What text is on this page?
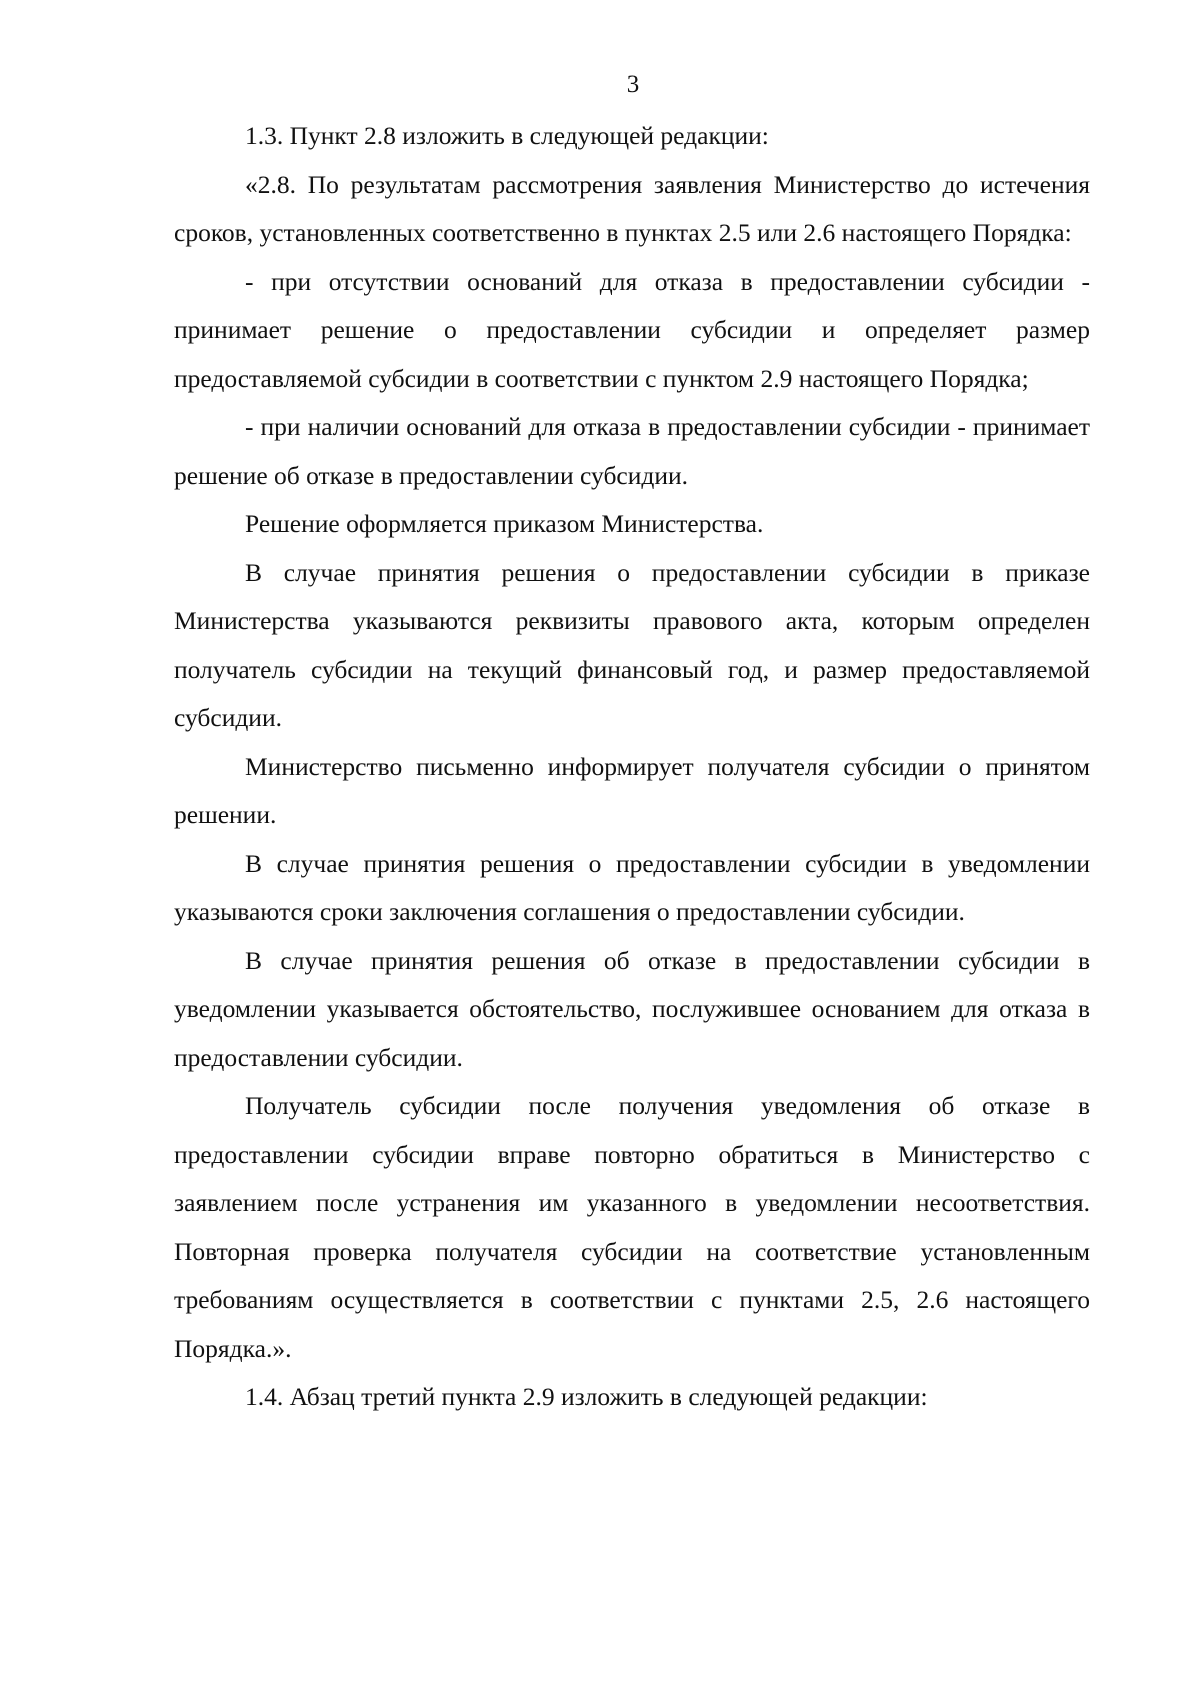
3

1.3. Пункт 2.8 изложить в следующей редакции:

«2.8. По результатам рассмотрения заявления Министерство до истечения сроков, установленных соответственно в пунктах 2.5 или 2.6 настоящего Порядка:

- при отсутствии оснований для отказа в предоставлении субсидии - принимает решение о предоставлении субсидии и определяет размер предоставляемой субсидии в соответствии с пунктом 2.9 настоящего Порядка;

- при наличии оснований для отказа в предоставлении субсидии - принимает решение об отказе в предоставлении субсидии.

Решение оформляется приказом Министерства.

В случае принятия решения о предоставлении субсидии в приказе Министерства указываются реквизиты правового акта, которым определен получатель субсидии на текущий финансовый год, и размер предоставляемой субсидии.

Министерство письменно информирует получателя субсидии о принятом решении.

В случае принятия решения о предоставлении субсидии в уведомлении указываются сроки заключения соглашения о предоставлении субсидии.

В случае принятия решения об отказе в предоставлении субсидии в уведомлении указывается обстоятельство, послужившее основанием для отказа в предоставлении субсидии.

Получатель субсидии после получения уведомления об отказе в предоставлении субсидии вправе повторно обратиться в Министерство с заявлением после устранения им указанного в уведомлении несоответствия. Повторная проверка получателя субсидии на соответствие установленным требованиям осуществляется в соответствии с пунктами 2.5, 2.6 настоящего Порядка.».

1.4. Абзац третий пункта 2.9 изложить в следующей редакции:
